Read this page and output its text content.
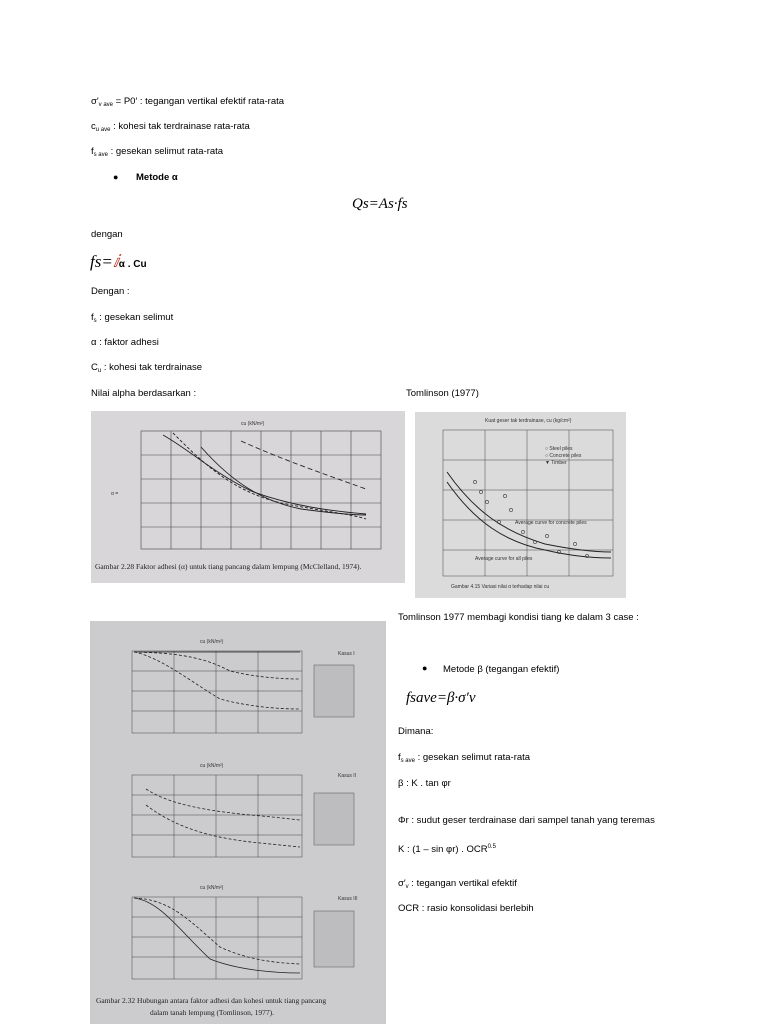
$\sigma'_{v ave} = P0'$ : tegangan vertikal efektif rata-rata
$c_{u ave}$ : kohesi tak terdrainase rata-rata
$f_{s ave}$ : gesekan selimut rata-rata
● Metode α
Qs=As·fs
dengan
fs=ⅈα . Cu
Dengan :
$f_s$ : gesekan selimut
α : faktor adhesi
$C_u$ : kohesi tak terdrainase
Nilai alpha berdasarkan :	Tomlinson (1977)
α =
cu (kN/m²)
Gambar 2.28 Faktor adhesi (α) untuk tiang pancang dalam lempung (McClelland, 1974).
Kuat geser tak terdrainase, cu (kg/cm²)
○ Steel piles
○ Concrete piles
▼ Timber
Average curve for concrete piles
Average curve for all piles
Gambar 4.15 Variasi nilai α terhadap nilai cu
Tomlinson 1977 membagi kondisi tiang ke dalam 3 case :
cu (kN/m²)
Kasus I
cu (kN/m²)
Kasus II
cu (kN/m²)
Kasus III
Gambar 2.32 Hubungan antara faktor adhesi dan kohesi untuk tiang pancang
dalam tanah lempung (Tomlinson, 1977).
● Metode β (tegangan efektif)
fsave=β·σ′v
Dimana:
$f_{s ave}$ : gesekan selimut rata-rata
β : K . tan φr
Φr : sudut geser terdrainase dari sampel tanah yang teremas
K : (1 – sin φr) . $OCR^{0.5}$
$\sigma'_v$ : tegangan vertikal efektif
OCR : rasio konsolidasi berlebih
